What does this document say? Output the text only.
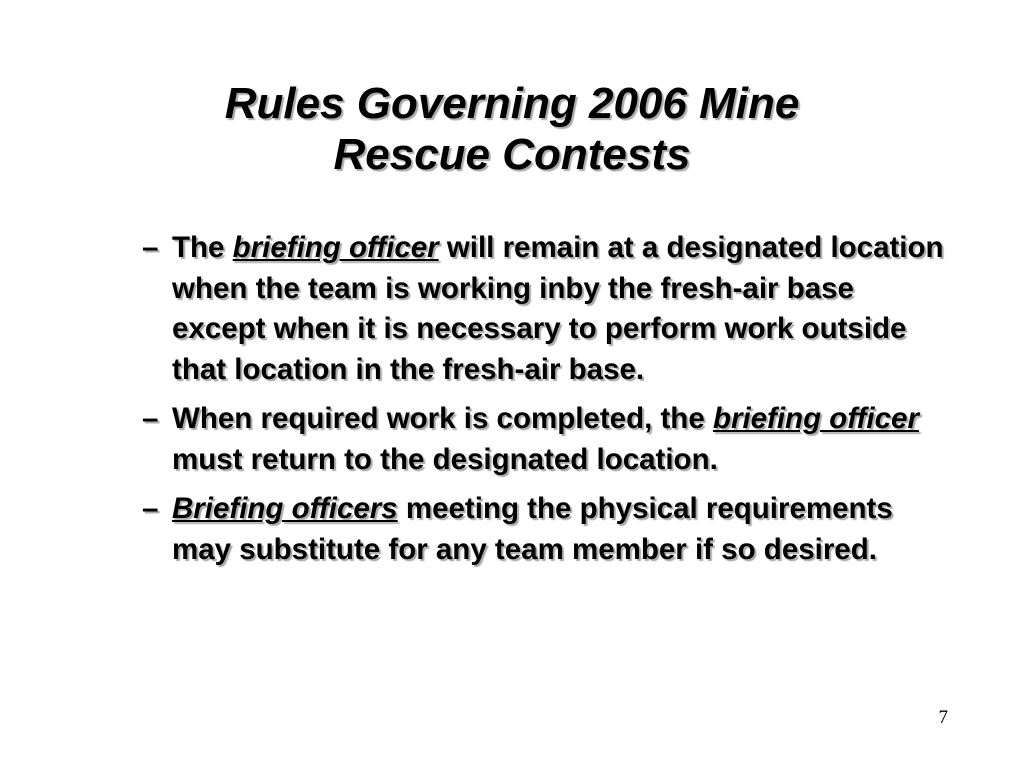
Rules Governing 2006 Mine
Rescue Contests
– The briefing officer will remain at a designated location when the team is working inby the fresh-air base except when it is necessary to perform work outside that location in the fresh-air base.
– When required work is completed, the briefing officer must return to the designated location.
– Briefing officers meeting the physical requirements may substitute for any team member if so desired.
7
